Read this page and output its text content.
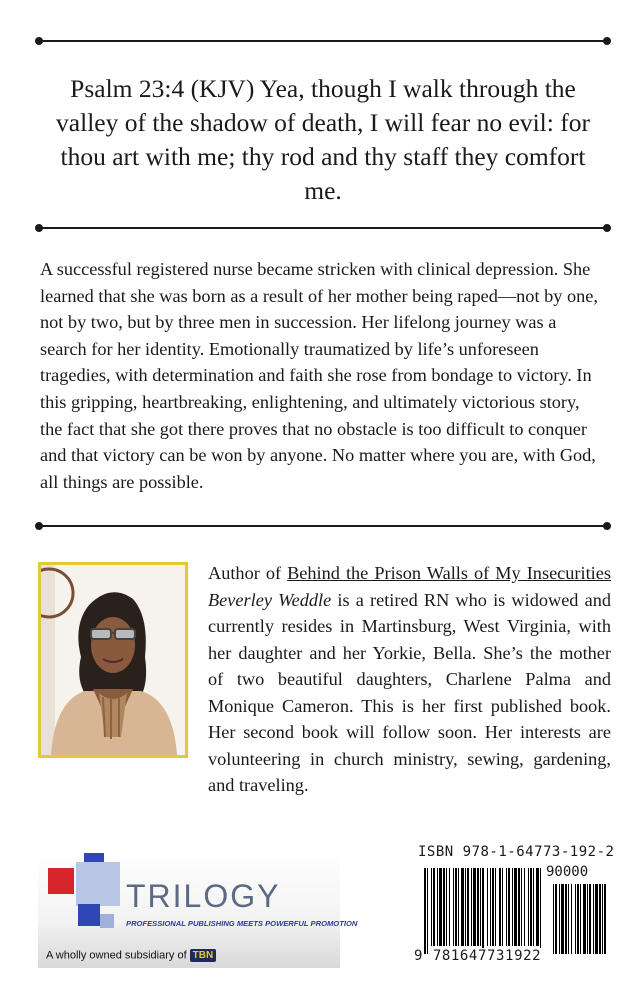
Psalm 23:4 (KJV) Yea, though I walk through the valley of the shadow of death, I will fear no evil: for thou art with me; thy rod and thy staff they comfort me.

A successful registered nurse became stricken with clinical depression. She learned that she was born as a result of her mother being raped—not by one, not by two, but by three men in succession. Her lifelong journey was a search for her identity. Emotionally traumatized by life’s unforeseen tragedies, with determination and faith she rose from bondage to victory. In this gripping, heartbreaking, enlightening, and ultimately victorious story, the fact that she got there proves that no obstacle is too difficult to conquer and that victory can be won by anyone. No matter where you are, with God, all things are possible.

Author of Behind the Prison Walls of My Insecurities Beverley Weddle is a retired RN who is widowed and currently resides in Martinsburg, West Virginia, with her daughter and her Yorkie, Bella. She’s the mother of two beautiful daughters, Charlene Palma and Monique Cameron. This is her first published book. Her second book will follow soon. Her interests are volunteering in church ministry, sewing, gardening, and traveling.

TRILOGY
PROFESSIONAL PUBLISHING MEETS POWERFUL PROMOTION
A wholly owned subsidiary of TBN
ISBN 978-1-64773-192-2
90000
9 781647731922
